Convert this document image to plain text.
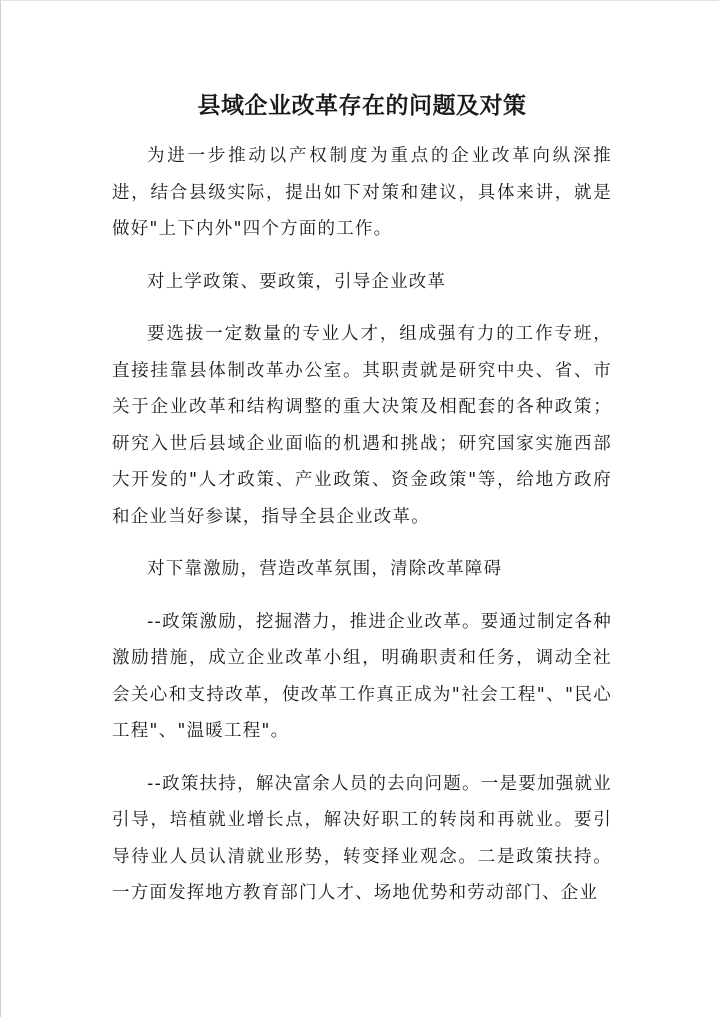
县域企业改革存在的问题及对策

为进一步推动以产权制度为重点的企业改革向纵深推进，结合县级实际，提出如下对策和建议，具体来讲，就是做好"上下内外"四个方面的工作。

对上学政策、要政策，引导企业改革

要选拔一定数量的专业人才，组成强有力的工作专班，直接挂靠县体制改革办公室。其职责就是研究中央、省、市关于企业改革和结构调整的重大决策及相配套的各种政策；研究入世后县域企业面临的机遇和挑战；研究国家实施西部大开发的"人才政策、产业政策、资金政策"等，给地方政府和企业当好参谋，指导全县企业改革。

对下靠激励，营造改革氛围，清除改革障碍

--政策激励，挖掘潜力，推进企业改革。要通过制定各种激励措施，成立企业改革小组，明确职责和任务，调动全社会关心和支持改革，使改革工作真正成为"社会工程"、"民心工程"、"温暖工程"。

--政策扶持，解决富余人员的去向问题。一是要加强就业引导，培植就业增长点，解决好职工的转岗和再就业。要引导待业人员认清就业形势，转变择业观念。二是政策扶持。一方面发挥地方教育部门人才、场地优势和劳动部门、企业
